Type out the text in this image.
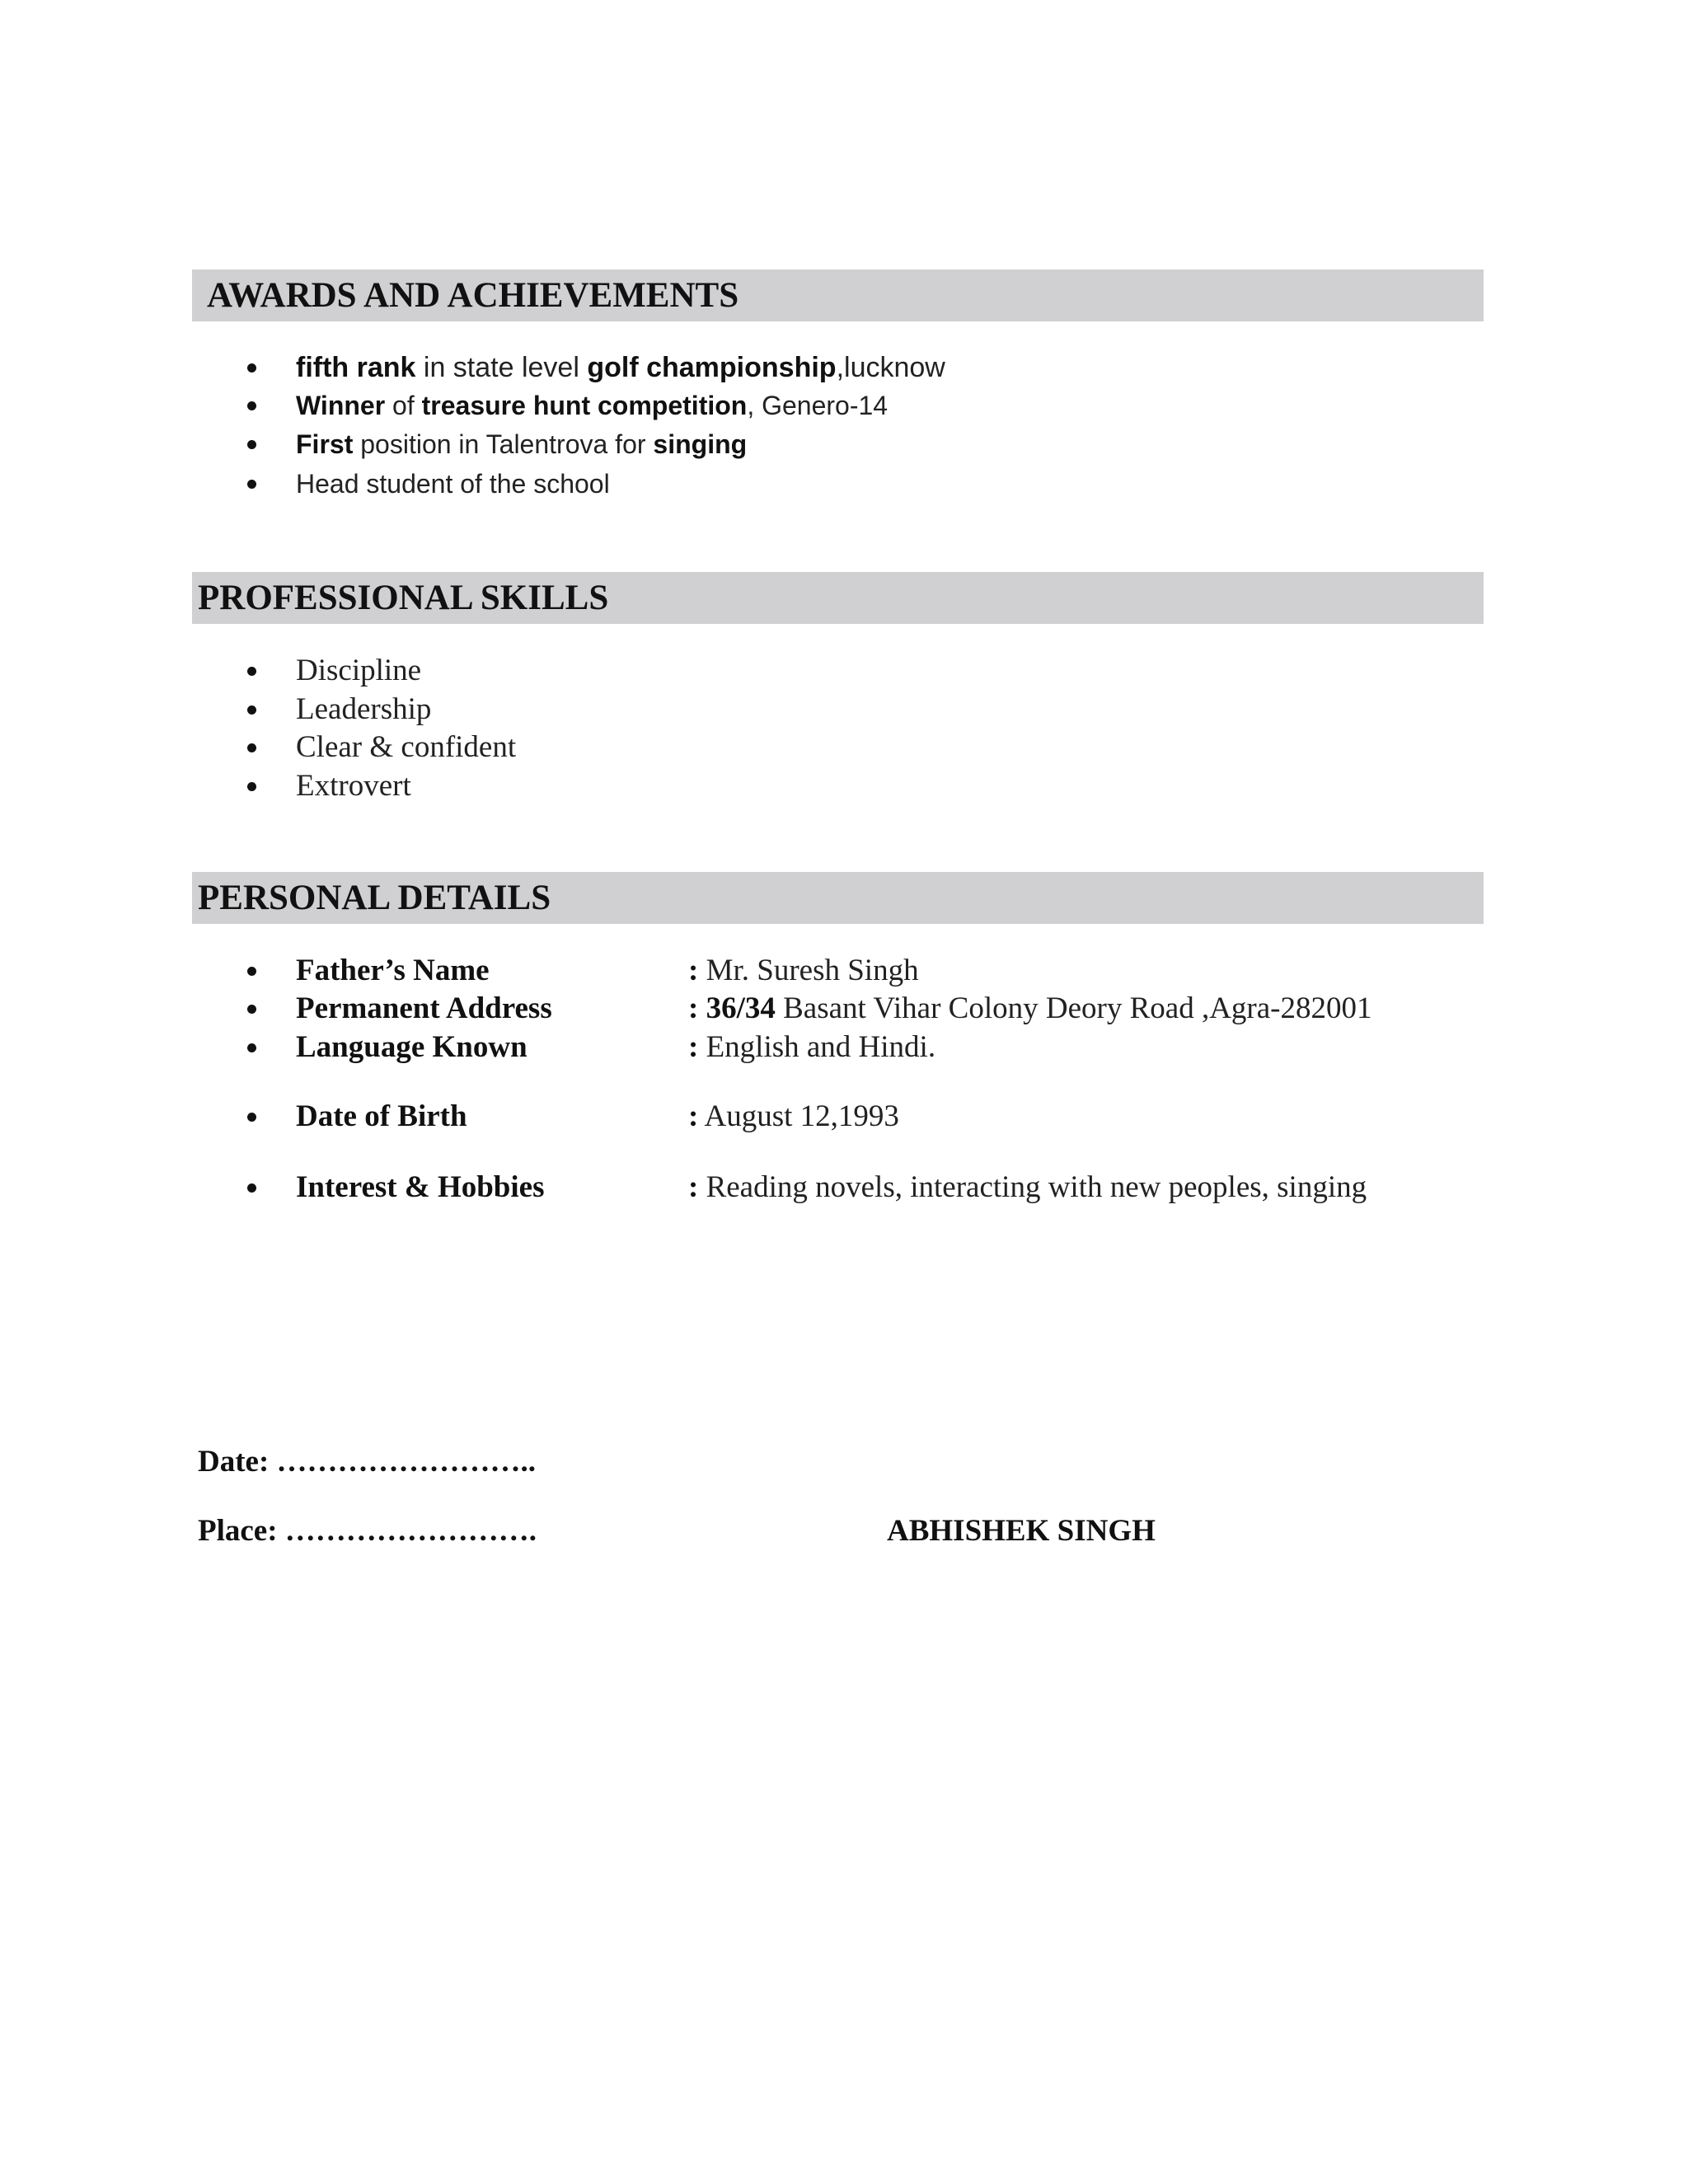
AWARDS AND ACHIEVEMENTS
fifth rank in state level golf championship,lucknow
Winner of treasure hunt competition, Genero-14
First position in Talentrova for singing
Head student of the school
PROFESSIONAL SKILLS
Discipline
Leadership
Clear & confident
Extrovert
PERSONAL DETAILS
Father’s Name	: Mr. Suresh Singh
Permanent Address	: 36/34 Basant Vihar Colony Deory Road ,Agra-282001
Language Known	: English and Hindi.
Date of Birth	: August 12,1993
Interest & Hobbies	: Reading novels, interacting with new peoples, singing
Date: ……………………..
Place: …………………….	ABHISHEK SINGH
